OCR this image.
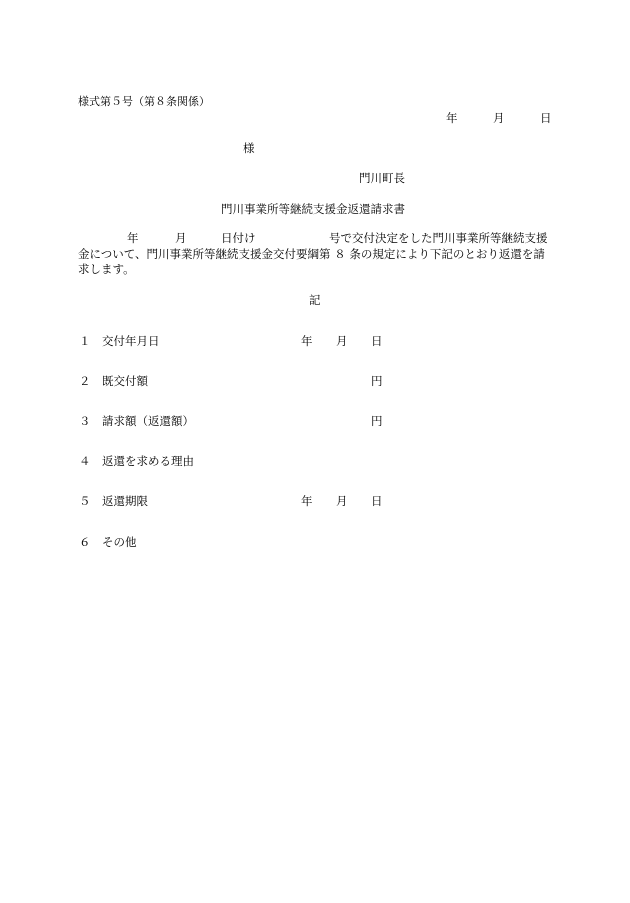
様式第５号（第８条関係）
年	月	日
様
門川町長
門川事業所等継続支援金返還請求書
年	月	日付け	号で交付決定をした門川事業所等継続支援
金について、門川事業所等継続支援金交付要綱第 ８ 条の規定により下記のとおり返還を請
求します。
記
１ 交付年月日	年 月 日
２ 既交付額	円
３ 請求額（返還額）	円
４ 返還を求める理由
５ 返還期限	年 月 日
６ その他
